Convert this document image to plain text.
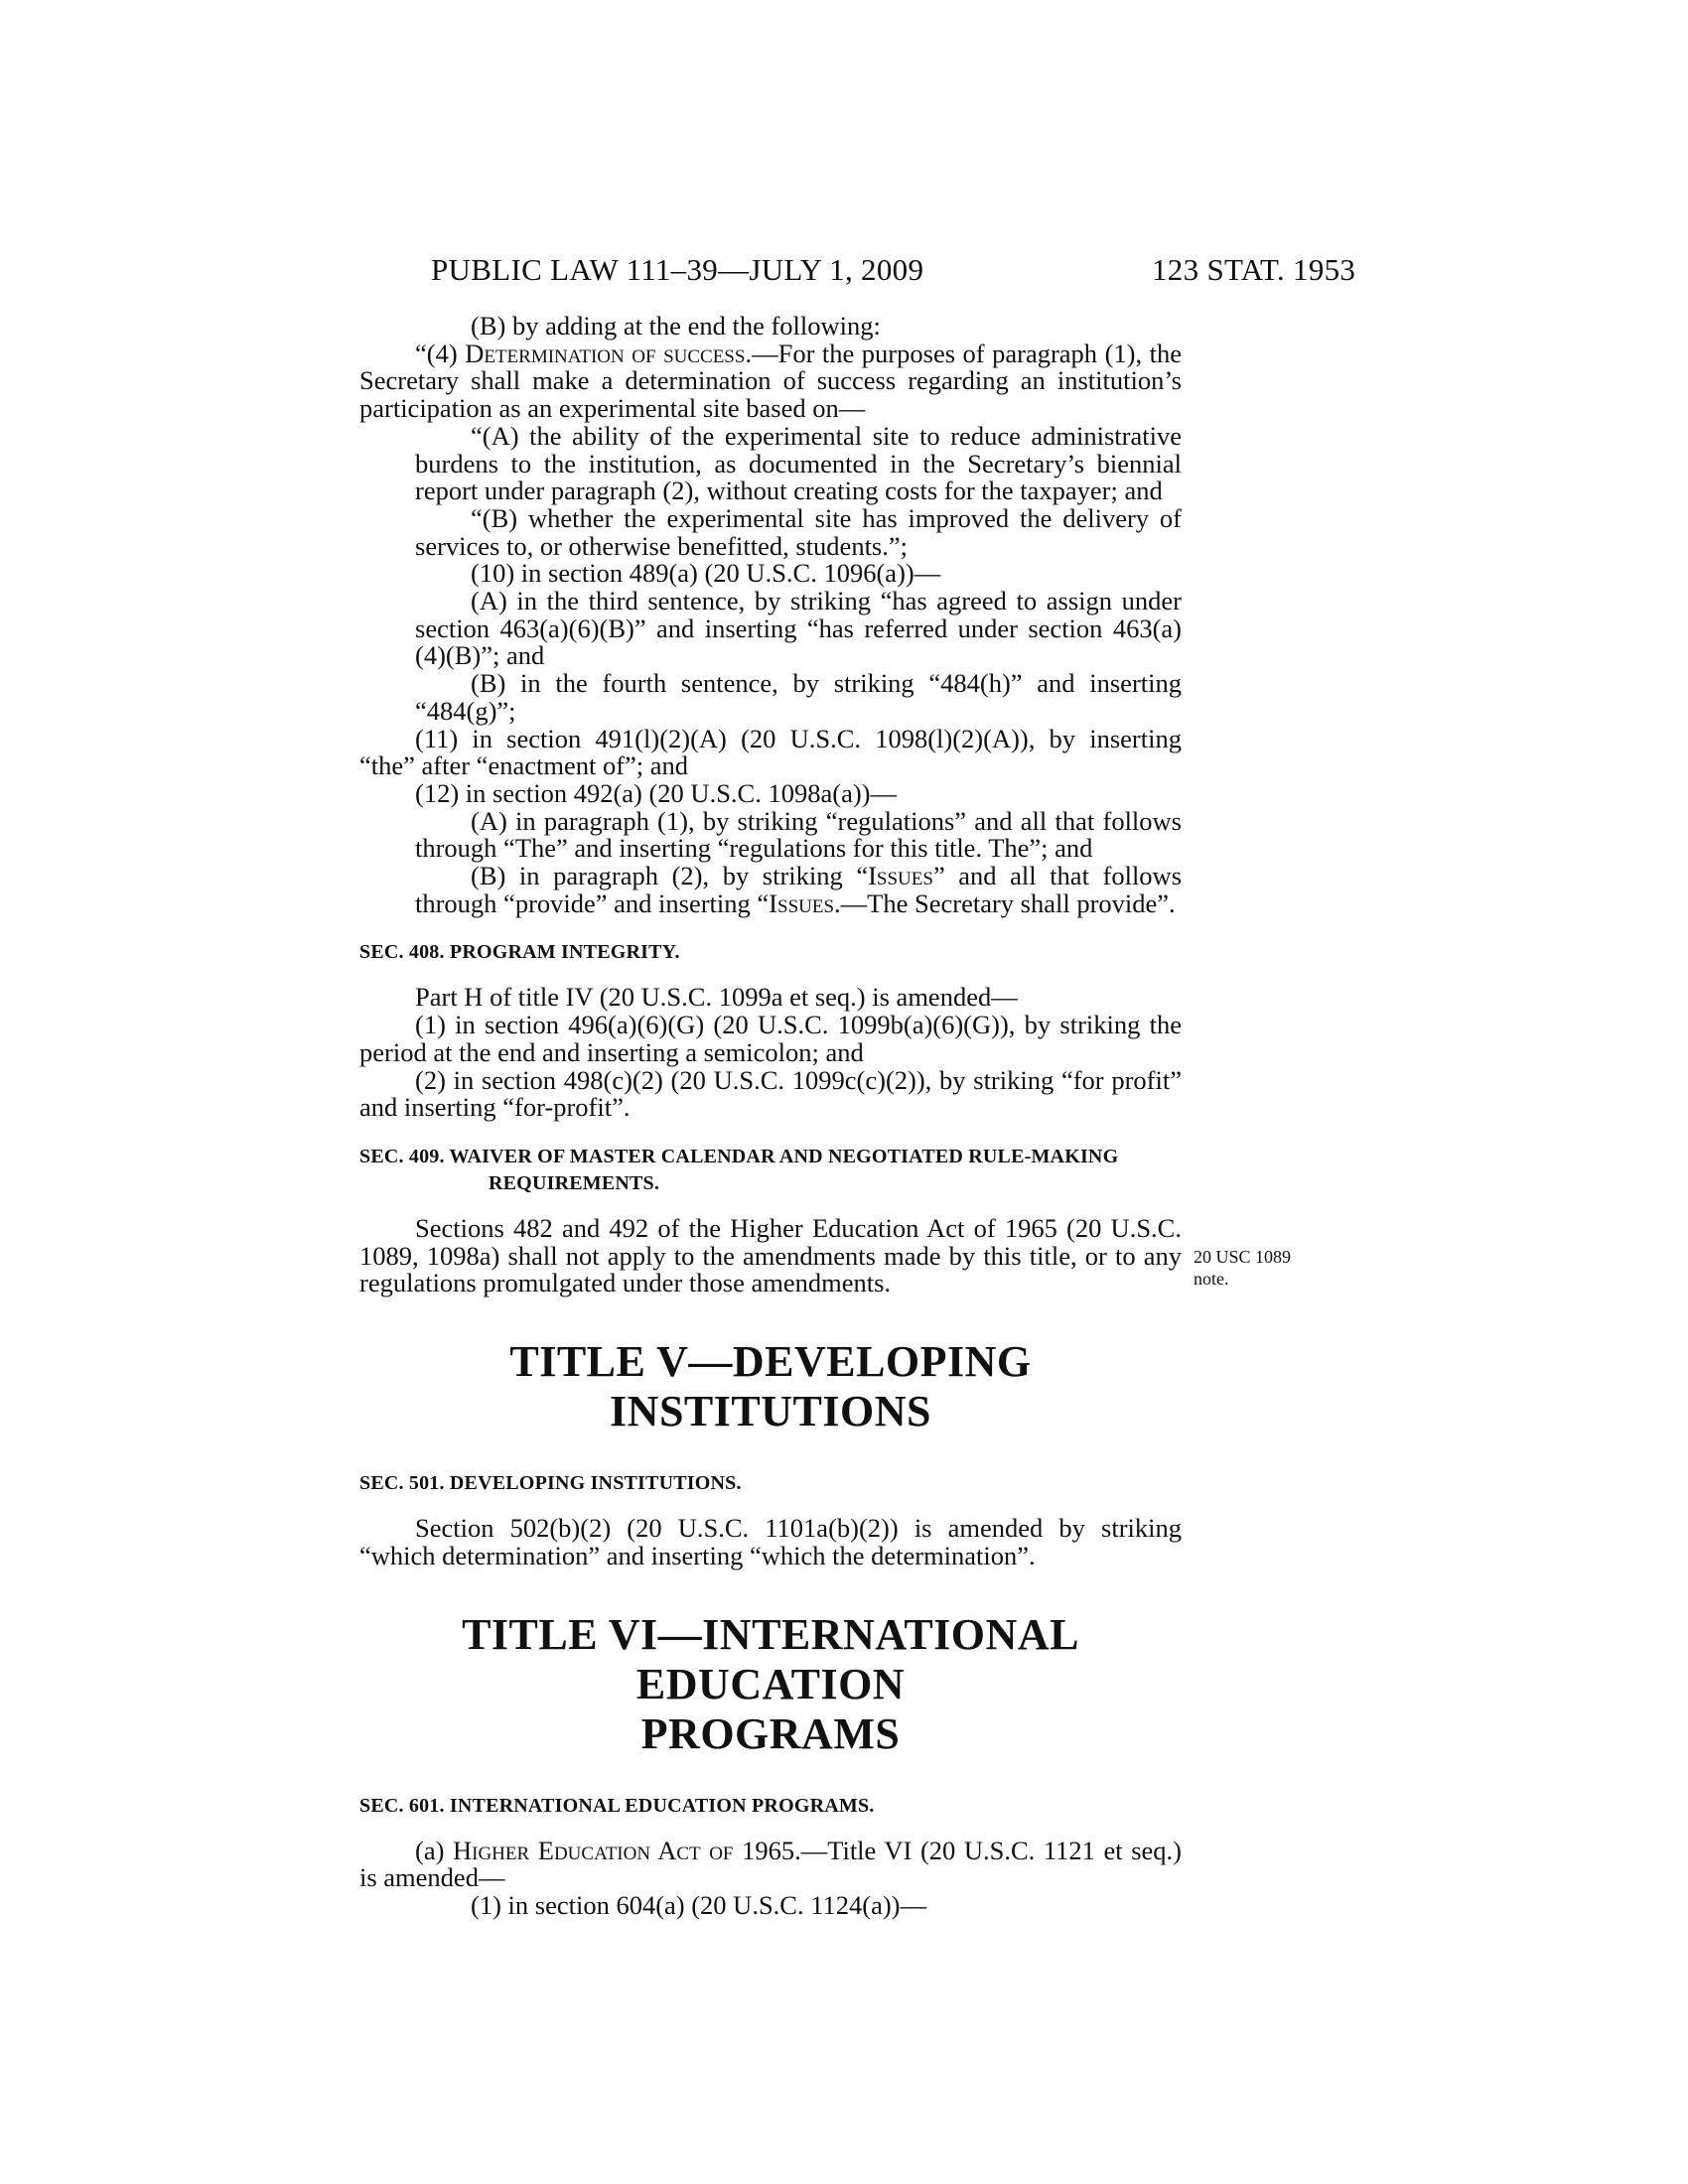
PUBLIC LAW 111–39—JULY 1, 2009	123 STAT. 1953
20 USC 1089
note.

(B) by adding at the end the following:

“(4) Determination of success.—For the purposes of paragraph (1), the Secretary shall make a determination of success regarding an institution’s participation as an experimental site based on—

“(A) the ability of the experimental site to reduce administrative burdens to the institution, as documented in the Secretary’s biennial report under paragraph (2), without creating costs for the taxpayer; and

“(B) whether the experimental site has improved the delivery of services to, or otherwise benefitted, students.”;

(10) in section 489(a) (20 U.S.C. 1096(a))—

(A) in the third sentence, by striking “has agreed to assign under section 463(a)(6)(B)” and inserting “has referred under section 463(a)(4)(B)”; and

(B) in the fourth sentence, by striking “484(h)” and inserting “484(g)”;

(11) in section 491(l)(2)(A) (20 U.S.C. 1098(l)(2)(A)), by inserting “the” after “enactment of”; and

(12) in section 492(a) (20 U.S.C. 1098a(a))—

(A) in paragraph (1), by striking “regulations” and all that follows through “The” and inserting “regulations for this title. The”; and

(B) in paragraph (2), by striking “Issues” and all that follows through “provide” and inserting “Issues.—The Secretary shall provide”.

SEC. 408. PROGRAM INTEGRITY.

Part H of title IV (20 U.S.C. 1099a et seq.) is amended—

(1) in section 496(a)(6)(G) (20 U.S.C. 1099b(a)(6)(G)), by striking the period at the end and inserting a semicolon; and

(2) in section 498(c)(2) (20 U.S.C. 1099c(c)(2)), by striking “for profit” and inserting “for-profit”.

SEC. 409. WAIVER OF MASTER CALENDAR AND NEGOTIATED RULE-MAKING REQUIREMENTS.

Sections 482 and 492 of the Higher Education Act of 1965 (20 U.S.C. 1089, 1098a) shall not apply to the amendments made by this title, or to any regulations promulgated under those amendments.

TITLE V—DEVELOPING INSTITUTIONS

SEC. 501. DEVELOPING INSTITUTIONS.

Section 502(b)(2) (20 U.S.C. 1101a(b)(2)) is amended by striking “which determination” and inserting “which the determination”.

TITLE VI—INTERNATIONAL EDUCATION
PROGRAMS

SEC. 601. INTERNATIONAL EDUCATION PROGRAMS.

(a) Higher Education Act of 1965.—Title VI (20 U.S.C. 1121 et seq.) is amended—

(1) in section 604(a) (20 U.S.C. 1124(a))—
